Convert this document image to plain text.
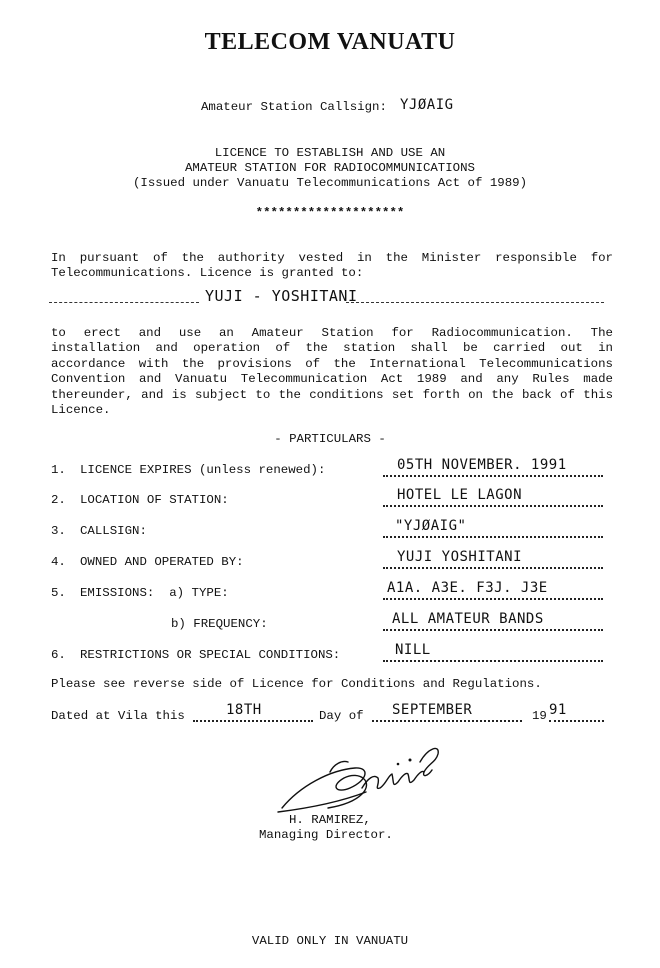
TELECOM VANUATU
Amateur Station Callsign: YJØAIG
LICENCE TO ESTABLISH AND USE AN
AMATEUR STATION FOR RADIOCOMMUNICATIONS
(Issued under Vanuatu Telecommunications Act of 1989)
********************
In pursuant of the authority vested in the Minister responsible for Telecommunications. Licence is granted to:
YUJI - YOSHITANI
to erect and use an Amateur Station for Radiocommunication. The installation and operation of the station shall be carried out in accordance with the provisions of the International Telecommunications Convention and Vanuatu Telecommunication Act 1989 and any Rules made thereunder, and is subject to the conditions set forth on the back of this Licence.
- PARTICULARS -
1. LICENCE EXPIRES (unless renewed):	05TH NOVEMBER. 1991
2. LOCATION OF STATION:	HOTEL LE LAGON
3. CALLSIGN:	"YJØAIG"
4. OWNED AND OPERATED BY:	YUJI YOSHITANI
5. EMISSIONS:  a) TYPE:	A1A. A3E. F3J. J3E
b) FREQUENCY:	ALL AMATEUR BANDS
6. RESTRICTIONS OR SPECIAL CONDITIONS:	NILL
Please see reverse side of Licence for Conditions and Regulations.
Dated at Vila this	18TH	Day of SEPTEMBER	19 91
H. RAMIREZ,
Managing Director.
VALID ONLY IN VANUATU
